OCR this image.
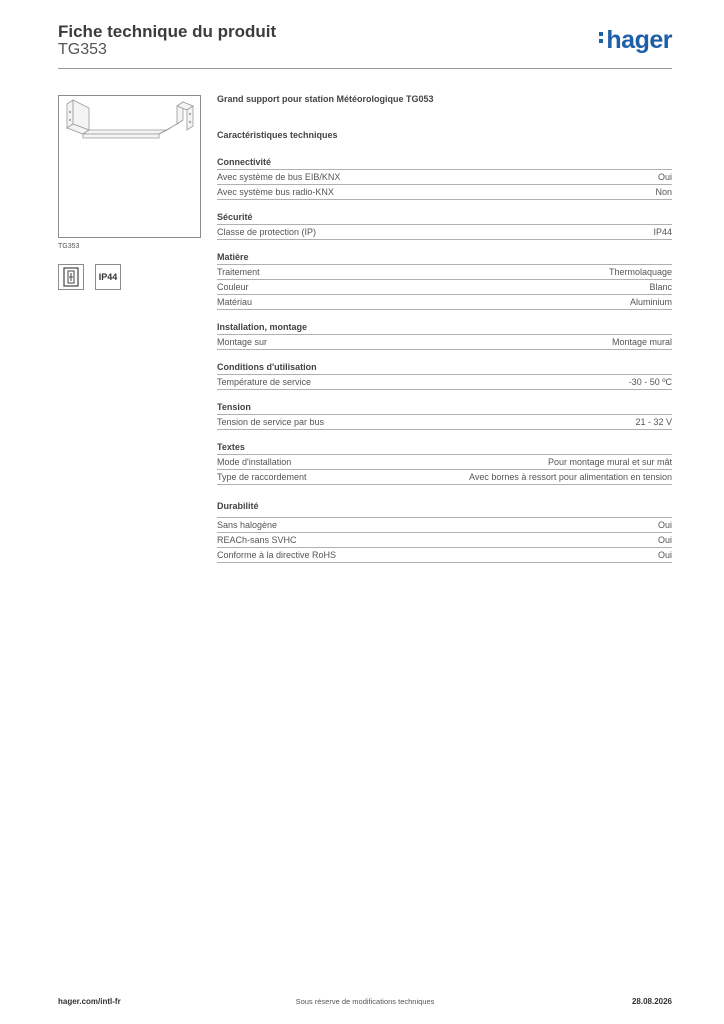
Fiche technique du produit
TG353	hager
TG353
IP44
Grand support pour station Météorologique TG053
Caractéristiques techniques
Connectivité
Avec système de bus EIB/KNX	Oui
Avec système bus radio-KNX	Non
Sécurité
Classe de protection (IP)	IP44
Matière
Traitement	Thermolaquage
Couleur	Blanc
Matériau	Aluminium
Installation, montage
Montage sur	Montage mural
Conditions d'utilisation
Température de service	-30 - 50 ºC
Tension
Tension de service par bus	21 - 32 V
Textes
Mode d'installation	Pour montage mural et sur mât
Type de raccordement	Avec bornes à ressort pour alimentation en tension
Durabilité
Sans halogène	Oui
REACh-sans SVHC	Oui
Conforme à la directive RoHS	Oui
hager.com/intl-fr	Sous réserve de modifications techniques	28.08.2026
